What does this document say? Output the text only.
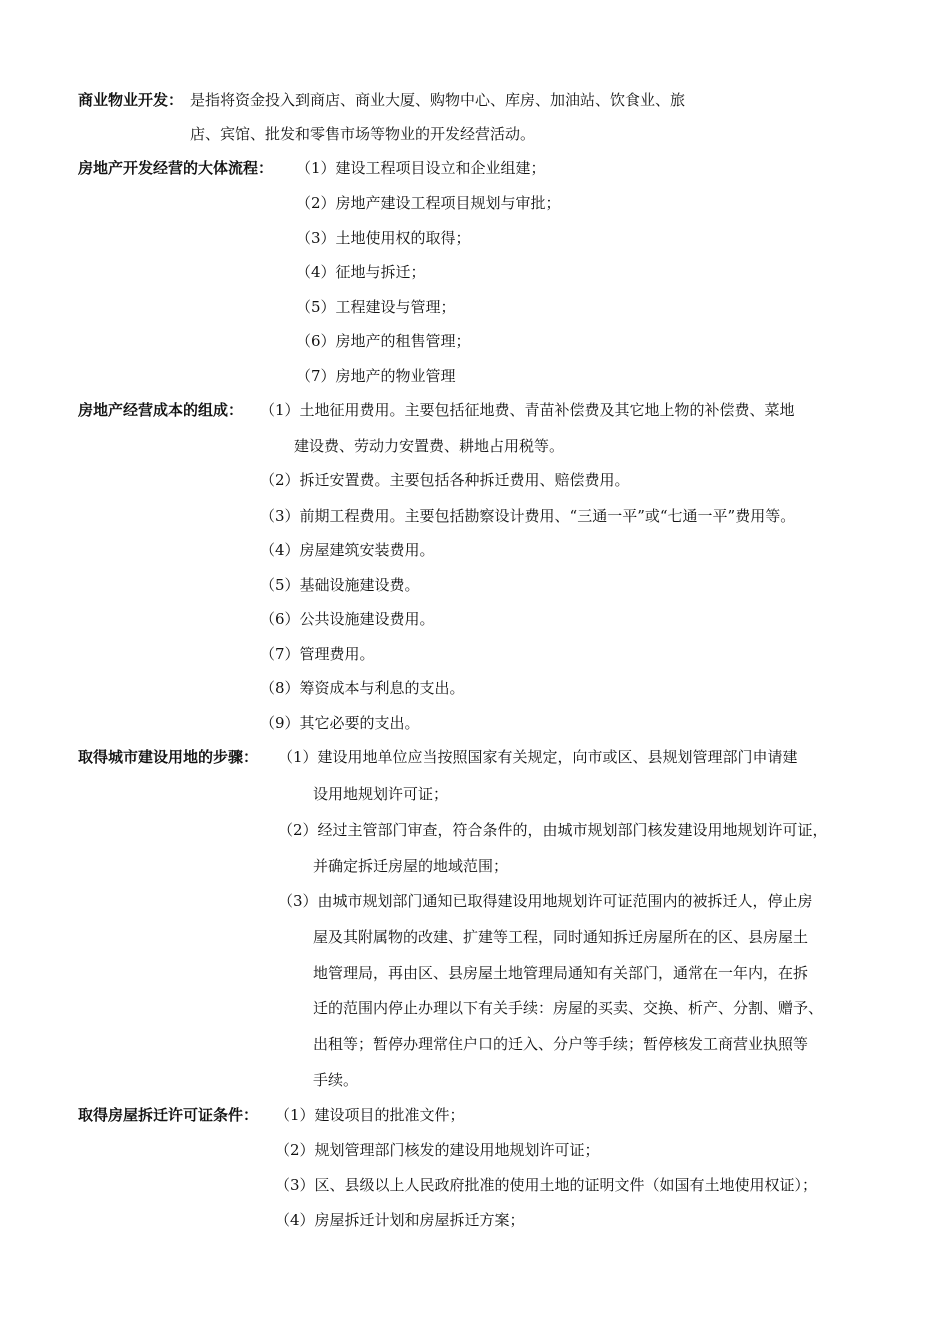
商业物业开发： 是指将资金投入到商店、商业大厦、购物中心、库房、加油站、饮食业、旅
店、宾馆、批发和零售市场等物业的开发经营活动。
房地产开发经营的大体流程： （1）建设工程项目设立和企业组建；
（2）房地产建设工程项目规划与审批；
（3）土地使用权的取得；
（4）征地与拆迁；
（5）工程建设与管理；
（6）房地产的租售管理；
（7）房地产的物业管理
房地产经营成本的组成： （1）土地征用费用。主要包括征地费、青苗补偿费及其它地上物的补偿费、菜地
建设费、劳动力安置费、耕地占用税等。
（2）拆迁安置费。主要包括各种拆迁费用、赔偿费用。
（3）前期工程费用。主要包括勘察设计费用、“三通一平”或“七通一平”费用等。
（4）房屋建筑安装费用。
（5）基础设施建设费。
（6）公共设施建设费用。
（7）管理费用。
（8）筹资成本与利息的支出。
（9）其它必要的支出。
取得城市建设用地的步骤： （1）建设用地单位应当按照国家有关规定，向市或区、县规划管理部门申请建
设用地规划许可证；
（2）经过主管部门审查，符合条件的，由城市规划部门核发建设用地规划许可证，
并确定拆迁房屋的地域范围；
（3）由城市规划部门通知已取得建设用地规划许可证范围内的被拆迁人，停止房
屋及其附属物的改建、扩建等工程，同时通知拆迁房屋所在的区、县房屋土
地管理局，再由区、县房屋土地管理局通知有关部门，通常在一年内，在拆
迁的范围内停止办理以下有关手续：房屋的买卖、交换、析产、分割、赠予、
出租等；暂停办理常住户口的迁入、分户等手续；暂停核发工商营业执照等
手续。
取得房屋拆迁许可证条件： （1）建设项目的批准文件；
（2）规划管理部门核发的建设用地规划许可证；
（3）区、县级以上人民政府批准的使用土地的证明文件（如国有土地使用权证）；
（4）房屋拆迁计划和房屋拆迁方案；
